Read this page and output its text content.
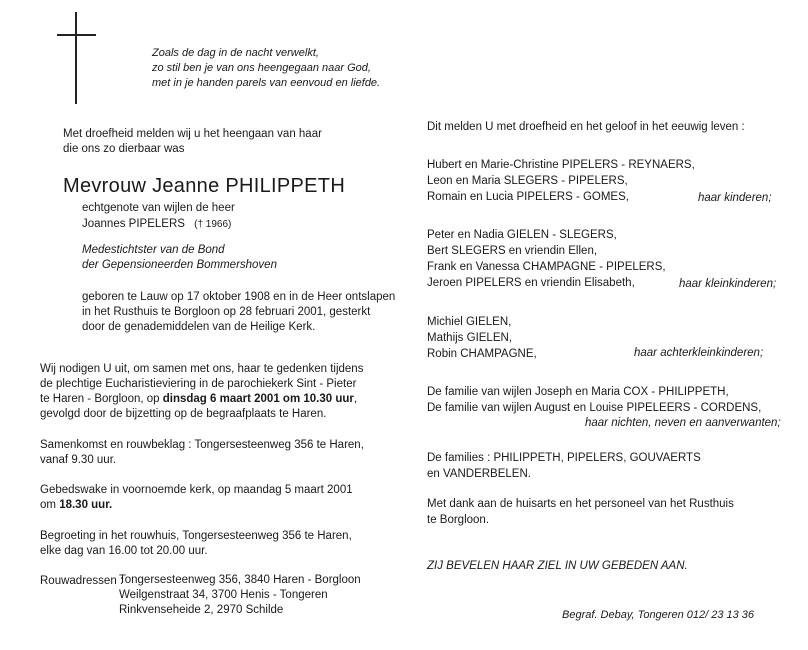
Zoals de dag in de nacht verwelkt,
zo stil ben je van ons heengegaan naar God,
met in je handen parels van eenvoud en liefde.
Met droefheid melden wij u het heengaan van haar
die ons zo dierbaar was
Mevrouw Jeanne PHILIPPETH
echtgenote van wijlen de heer
Joannes PIPELERS († 1966)
Medestichtster van de Bond
der Gepensioneerden Bommershoven
geboren te Lauw op 17 oktober 1908 en in de Heer ontslapen
in het Rusthuis te Borgloon op 28 februari 2001, gesterkt
door de genademiddelen van de Heilige Kerk.
Wij nodigen U uit, om samen met ons, haar te gedenken tijdens
de plechtige Eucharistieviering in de parochiekerk Sint - Pieter
te Haren - Borgloon, op dinsdag 6 maart 2001 om 10.30 uur,
gevolgd door de bijzetting op de begraafplaats te Haren.
Samenkomst en rouwbeklag : Tongersesteenweg 356 te Haren,
vanaf 9.30 uur.
Gebedswake in voornoemde kerk, op maandag 5 maart 2001
om 18.30 uur.
Begroeting in het rouwhuis, Tongersesteenweg 356 te Haren,
elke dag van 16.00 tot 20.00 uur.
Rouwadressen :
Tongersesteenweg 356, 3840 Haren - Borgloon
Weilgenstraat 34, 3700 Henis - Tongeren
Rinkvenseheide 2, 2970 Schilde
Dit melden U met droefheid en het geloof in het eeuwig leven :
Hubert en Marie-Christine PIPELERS - REYNAERS,
Leon en Maria SLEGERS - PIPELERS,
Romain en Lucia PIPELERS - GOMES,	haar kinderen;
Peter en Nadia GIELEN - SLEGERS,
Bert SLEGERS en vriendin Ellen,
Frank en Vanessa CHAMPAGNE - PIPELERS,
Jeroen PIPELERS en vriendin Elisabeth,	haar kleinkinderen;
Michiel GIELEN,
Mathijs GIELEN,
Robin CHAMPAGNE,	haar achterkleinkinderen;
De familie van wijlen Joseph en Maria COX - PHILIPPETH,
De familie van wijlen August en Louise PIPELEERS - CORDENS,
haar nichten, neven en aanverwanten;
De families : PHILIPPETH, PIPELERS, GOUVAERTS
en VANDERBELEN.
Met dank aan de huisarts en het personeel van het Rusthuis
te Borgloon.
ZIJ BEVELEN HAAR ZIEL IN UW GEBEDEN AAN.
Begraf. Debay, Tongeren 012/ 23 13 36
